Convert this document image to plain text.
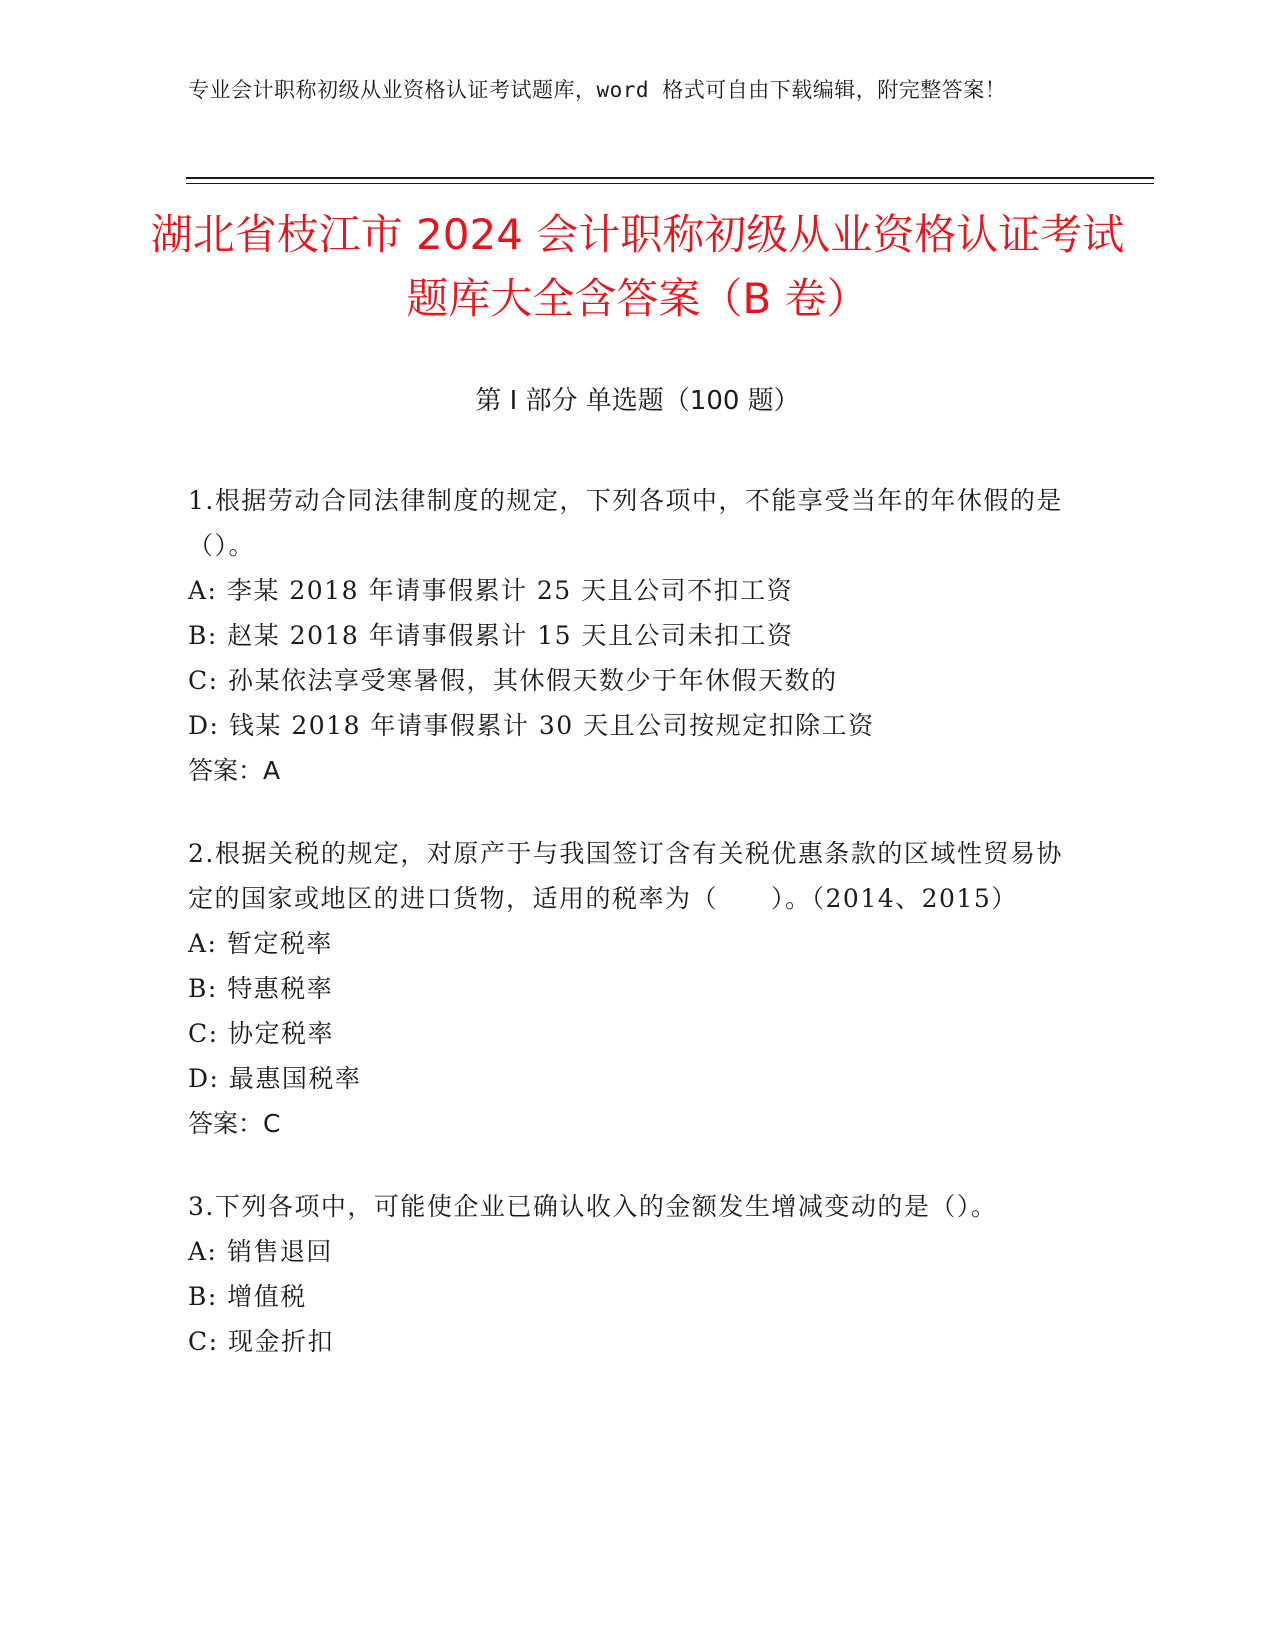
专业会计职称初级从业资格认证考试题库，word 格式可自由下载编辑，附完整答案！
湖北省枝江市 2024 会计职称初级从业资格认证考试题库大全含答案（B 卷）
第 I 部分 单选题（100 题）

1.根据劳动合同法律制度的规定，下列各项中，不能享受当年的年休假的是（）。

A: 李某 2018 年请事假累计 25 天且公司不扣工资

B: 赵某 2018 年请事假累计 15 天且公司未扣工资

C: 孙某依法享受寒暑假，其休假天数少于年休假天数的

D: 钱某 2018 年请事假累计 30 天且公司按规定扣除工资

答案：A

2.根据关税的规定，对原产于与我国签订含有关税优惠条款的区域性贸易协定的国家或地区的进口货物，适用的税率为（　　）。（2014、2015）

A: 暂定税率

B: 特惠税率

C: 协定税率

D: 最惠国税率

答案：C

3.下列各项中，可能使企业已确认收入的金额发生增减变动的是（）。

A: 销售退回

B: 增值税

C: 现金折扣
